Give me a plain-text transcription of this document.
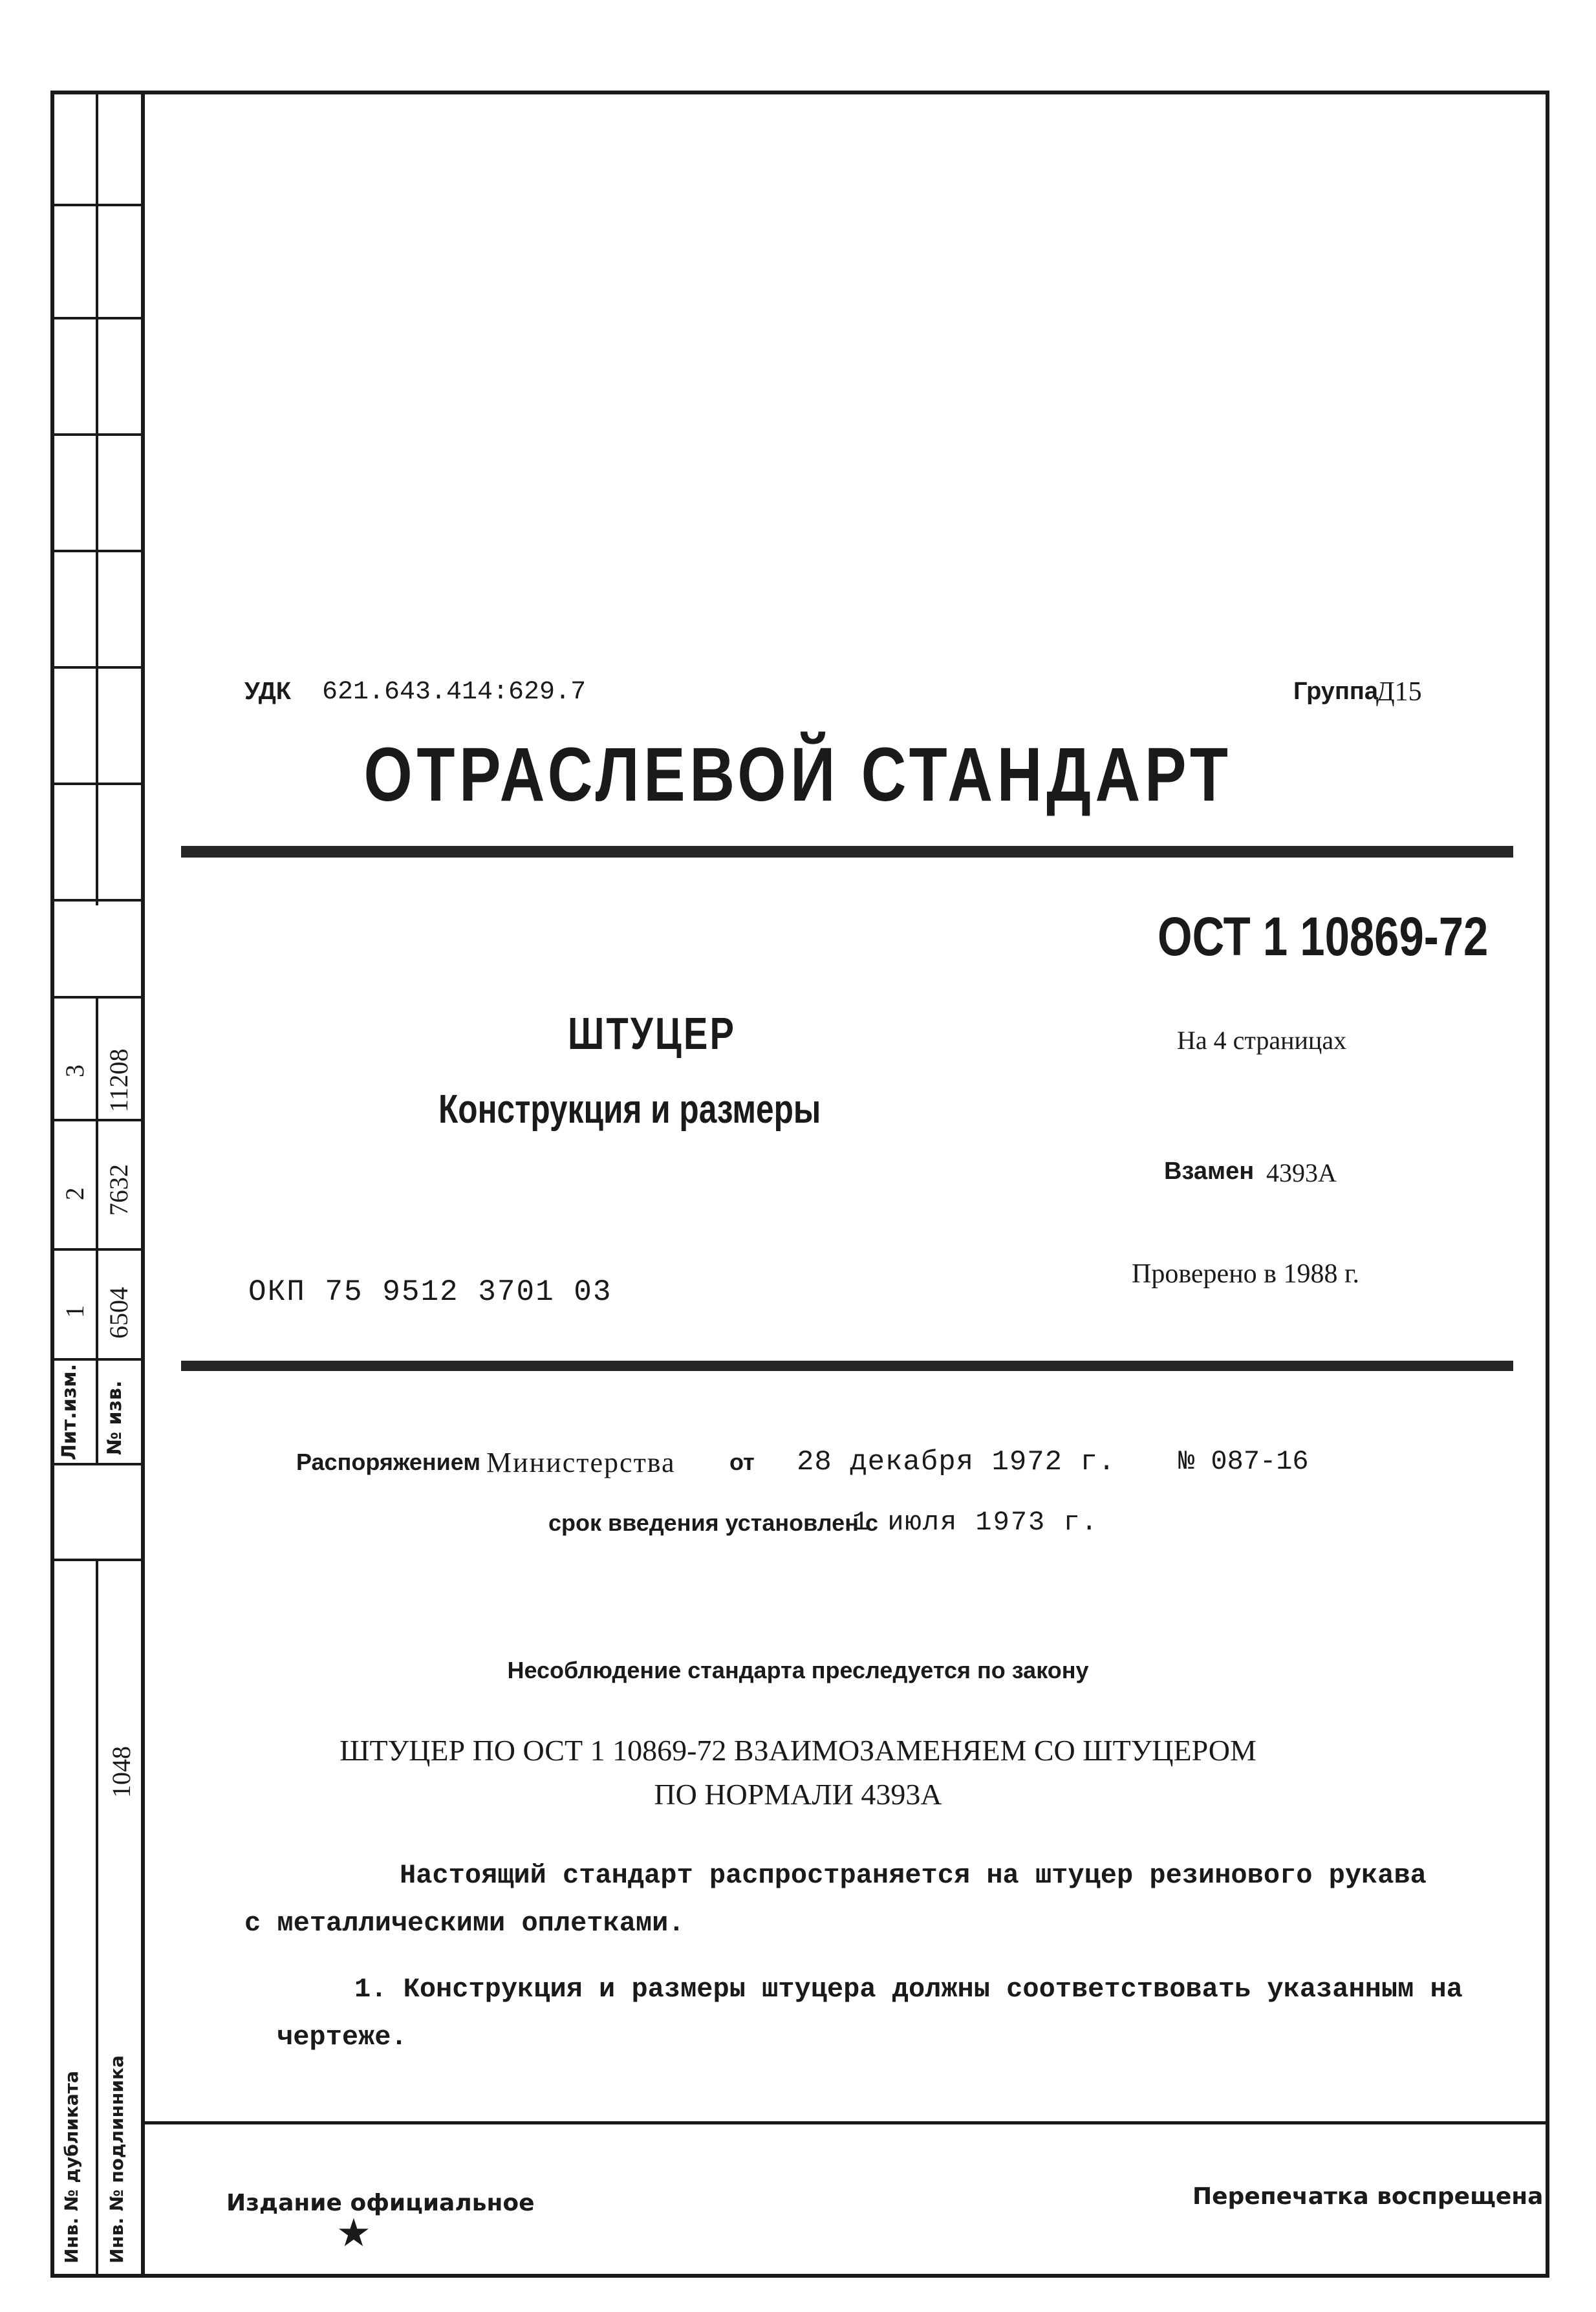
Лит.изм. № изв.
1
2
3
6504
7632
11208
1048
Инв. № дубликата Инв. № подлинника
УДК 621.643.414:629.7	Группа
Д15
ОТРАСЛЕВОЙ СТАНДАРТ
ОСТ 1 10869-72
ШТУЦЕР
Конструкция и размеры
На 4 страницах
Взамен 4393А
Проверено в 1988 г.
ОКП 75 9512 3701 03
Распоряжением Министерства от 28 декабря 1972 г. № 087-16
срок введения установлен с
1 июля 1973 г.
Несоблюдение стандарта преследуется по закону
ШТУЦЕР ПО ОСТ 1 10869-72 ВЗАИМОЗАМЕНЯЕМ СО ШТУЦЕРОМ
ПО НОРМАЛИ 4393А
Настоящий стандарт распространяется на штуцер резинового рукава
с металлическими оплетками.
1. Конструкция и размеры штуцера должны соответствовать указанным на
чертеже.
Издание официальное	Перепечатка воспрещена
★
